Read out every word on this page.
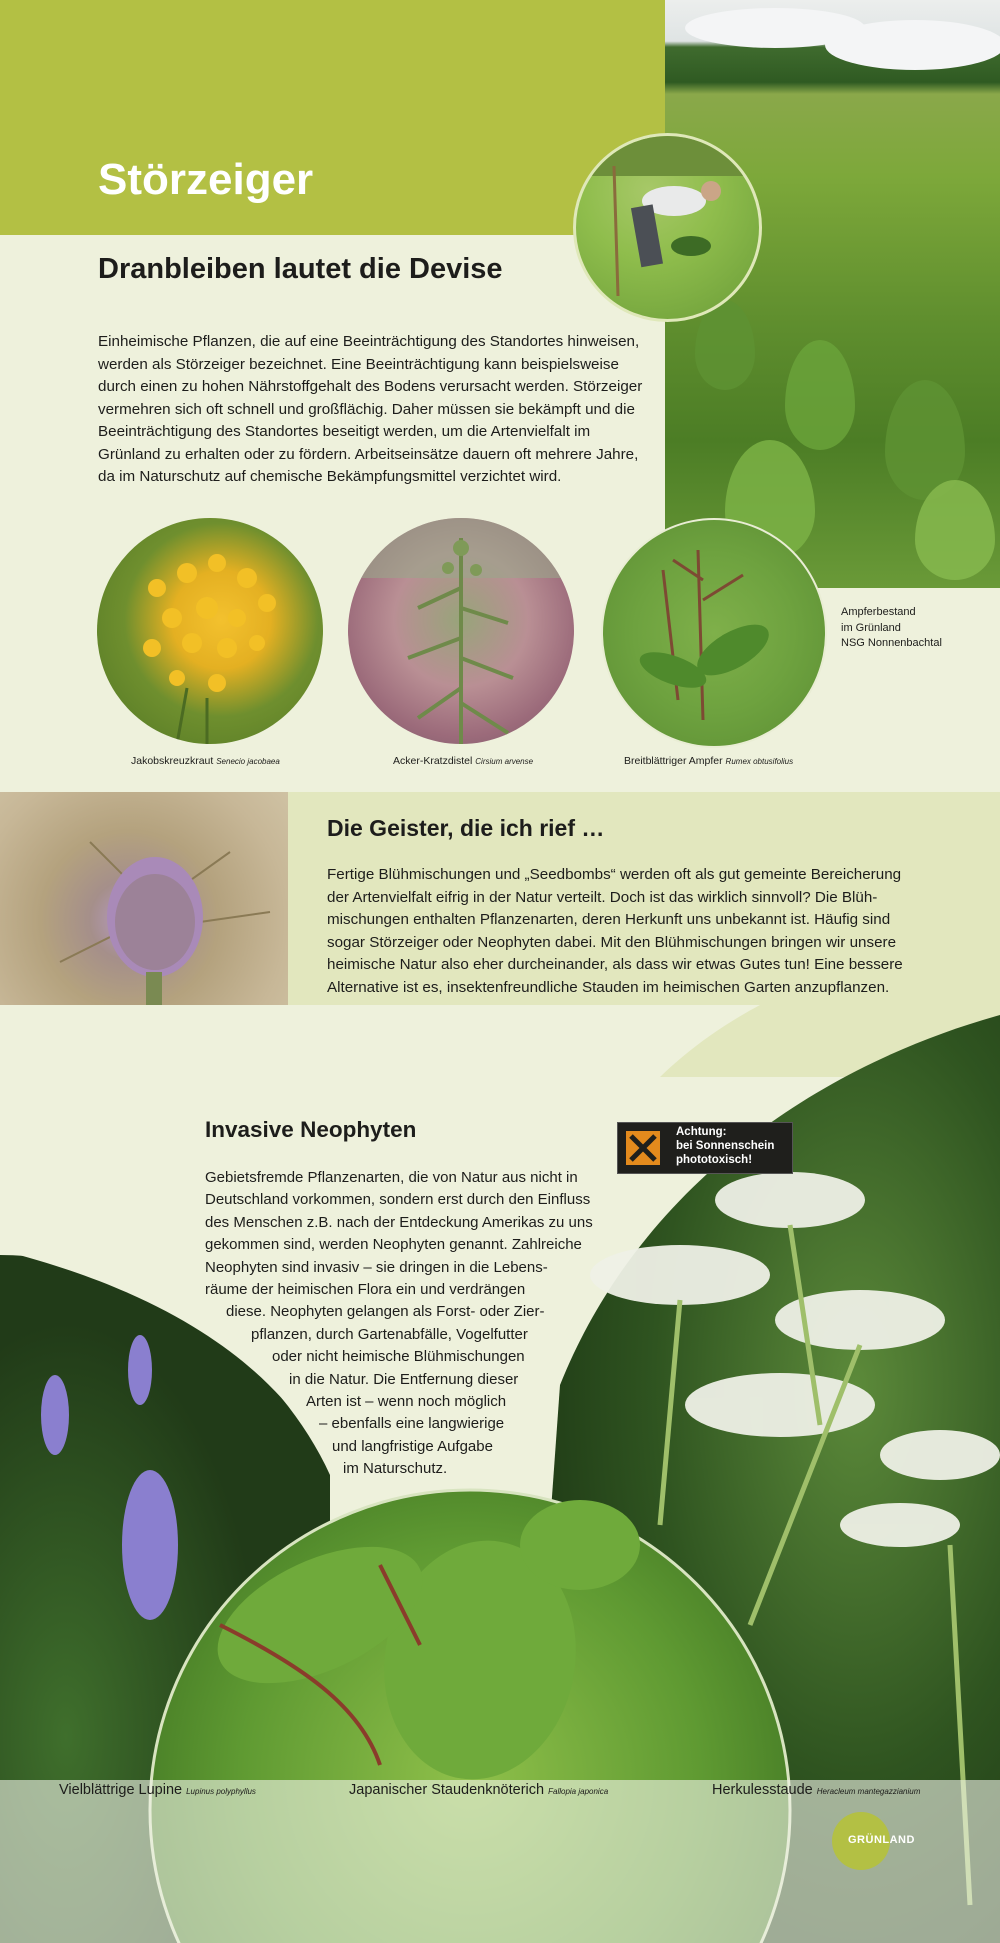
Störzeiger
Dranbleiben lautet die Devise

Einheimische Pflanzen, die auf eine Beeinträchtigung des Standortes hinweisen,
werden als Störzeiger bezeichnet. Eine Beeinträchtigung kann beispielsweise
durch einen zu hohen Nährstoffgehalt des Bodens verursacht werden. Störzeiger
vermehren sich oft schnell und großflächig. Daher müssen sie bekämpft und die
Beeinträchtigung des Standortes beseitigt werden, um die Artenvielfalt im
Grünland zu erhalten oder zu fördern. Arbeitseinsätze dauern oft mehrere Jahre,
da im Naturschutz auf chemische Bekämpfungsmittel verzichtet wird.

Jakobskreuzkraut Senecio jacobaea	Acker-Kratzdistel Cirsium arvense	Breitblättriger Ampfer Rumex obtusifolius
Ampferbestand
im Grünland
NSG Nonnenbachtal
Die Geister, die ich rief …

Fertige Blühmischungen und „Seedbombs“ werden oft als gut gemeinte Bereicherung
der Artenvielfalt eifrig in der Natur verteilt. Doch ist das wirklich sinnvoll? Die Blüh-
mischungen enthalten Pflanzenarten, deren Herkunft uns unbekannt ist. Häufig sind
sogar Störzeiger oder Neophyten dabei. Mit den Blühmischungen bringen wir unsere
heimische Natur also eher durcheinander, als dass wir etwas Gutes tun! Eine bessere
Alternative ist es, insektenfreundliche Stauden im heimischen Garten anzupflanzen.

Invasive Neophyten

Gebietsfremde Pflanzenarten, die von Natur aus nicht in
Deutschland vorkommen, sondern erst durch den Einfluss
des Menschen z.B. nach der Entdeckung Amerikas zu uns
gekommen sind, werden Neophyten genannt. Zahlreiche
Neophyten sind invasiv – sie dringen in die Lebens-
räume der heimischen Flora ein und verdrängen
diese. Neophyten gelangen als Forst- oder Zier-
pflanzen, durch Gartenabfälle, Vogelfutter
oder nicht heimische Blühmischungen
in die Natur. Die Entfernung dieser
Arten ist – wenn noch möglich
– ebenfalls eine langwierige
und langfristige Aufgabe
im Naturschutz.

Achtung:
bei Sonnenschein
phototoxisch!
Vielblättrige Lupine Lupinus polyphyllus	Japanischer Staudenknöterich Fallopia japonica	Herkulesstaude Heracleum mantegazzianium
GRÜNLAND
